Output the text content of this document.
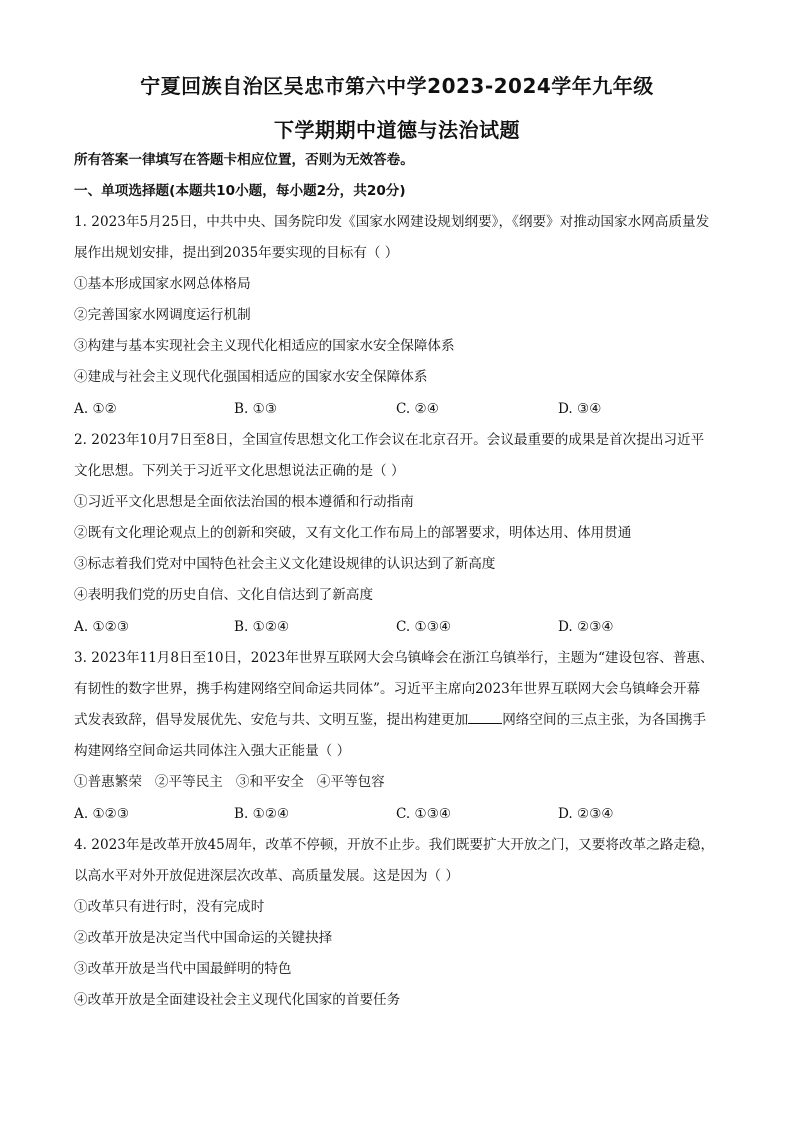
宁夏回族自治区吴忠市第六中学2023-2024学年九年级
下学期期中道德与法治试题
所有答案一律填写在答题卡相应位置，否则为无效答卷。
一、单项选择题(本题共10小题，每小题2分，共20分)
1. 2023年5月25日，中共中央、国务院印发《国家水网建设规划纲要》，《纲要》对推动国家水网高质量发
展作出规划安排，提出到2035年要实现的目标有（ ）
①基本形成国家水网总体格局
②完善国家水网调度运行机制
③构建与基本实现社会主义现代化相适应的国家水安全保障体系
④建成与社会主义现代化强国相适应的国家水安全保障体系
A. ①②	B. ①③	C. ②④	D. ③④
2. 2023年10月7日至8日，全国宣传思想文化工作会议在北京召开。会议最重要的成果是首次提出习近平
文化思想。下列关于习近平文化思想说法正确的是（ ）
①习近平文化思想是全面依法治国的根本遵循和行动指南
②既有文化理论观点上的创新和突破，又有文化工作布局上的部署要求，明体达用、体用贯通
③标志着我们党对中国特色社会主义文化建设规律的认识达到了新高度
④表明我们党的历史自信、文化自信达到了新高度
A. ①②③	B. ①②④	C. ①③④	D. ②③④
3. 2023年11月8日至10日，2023年世界互联网大会乌镇峰会在浙江乌镇举行，主题为“建设包容、普惠、
有韧性的数字世界，携手构建网络空间命运共同体”。习近平主席向2023年世界互联网大会乌镇峰会开幕
式发表致辞，倡导发展优先、安危与共、文明互鉴，提出构建更加	网络空间的三点主张，为各国携手
构建网络空间命运共同体注入强大正能量（ ）
①普惠繁荣   ②平等民主   ③和平安全   ④平等包容
A. ①②③	B. ①②④	C. ①③④	D. ②③④
4. 2023年是改革开放45周年，改革不停顿，开放不止步。我们既要扩大开放之门，又要将改革之路走稳，
以高水平对外开放促进深层次改革、高质量发展。这是因为（ ）
①改革只有进行时，没有完成时
②改革开放是决定当代中国命运的关键抉择
③改革开放是当代中国最鲜明的特色
④改革开放是全面建设社会主义现代化国家的首要任务
